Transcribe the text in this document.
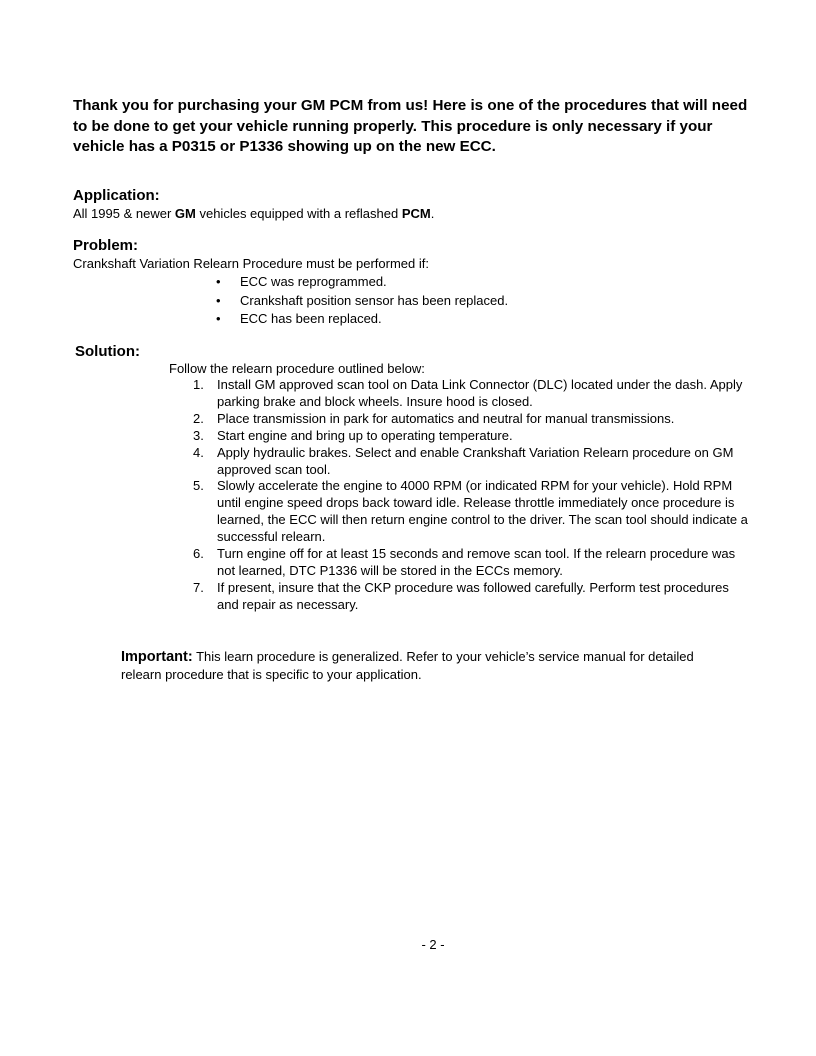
Thank you for purchasing your GM PCM from us! Here is one of the procedures that will need to be done to get your vehicle running properly. This procedure is only necessary if your vehicle has a P0315 or P1336 showing up on the new ECC.

Application:

All 1995 & newer GM vehicles equipped with a reflashed PCM.

Problem:

Crankshaft Variation Relearn Procedure must be performed if:

• ECC was reprogrammed.
• Crankshaft position sensor has been replaced.
• ECC has been replaced.
Solution:

Follow the relearn procedure outlined below:

1. Install GM approved scan tool on Data Link Connector (DLC) located under the dash. Apply parking brake and block wheels. Insure hood is closed.
2. Place transmission in park for automatics and neutral for manual transmissions.
3. Start engine and bring up to operating temperature.
4. Apply hydraulic brakes. Select and enable Crankshaft Variation Relearn procedure on GM approved scan tool.
5. Slowly accelerate the engine to 4000 RPM (or indicated RPM for your vehicle). Hold RPM until engine speed drops back toward idle. Release throttle immediately once procedure is learned, the ECC will then return engine control to the driver. The scan tool should indicate a successful relearn.
6. Turn engine off for at least 15 seconds and remove scan tool. If the relearn procedure was not learned, DTC P1336 will be stored in the ECCs memory.
7. If present, insure that the CKP procedure was followed carefully. Perform test procedures and repair as necessary.

Important: This learn procedure is generalized. Refer to your vehicle’s service manual for detailed relearn procedure that is specific to your application.

- 2 -
